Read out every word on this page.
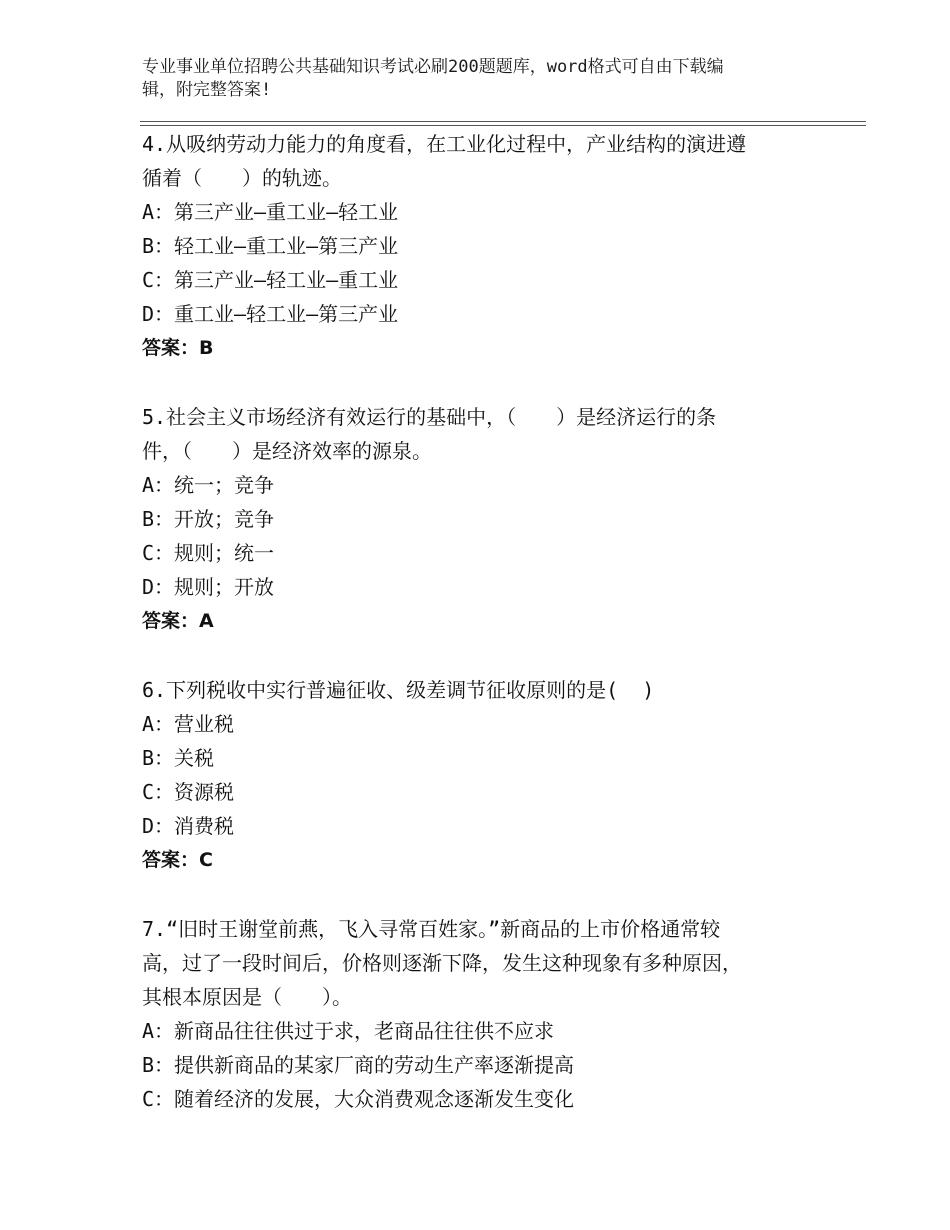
专业事业单位招聘公共基础知识考试必刷200题题库，word格式可自由下载编
辑，附完整答案!
4.从吸纳劳动力能力的角度看，在工业化过程中，产业结构的演进遵
循着（　　）的轨迹。
A：第三产业—重工业—轻工业
B：轻工业—重工业—第三产业
C：第三产业—轻工业—重工业
D：重工业—轻工业—第三产业
答案：B
5.社会主义市场经济有效运行的基础中，（　　）是经济运行的条
件，（　　）是经济效率的源泉。
A：统一；竞争
B：开放；竞争
C：规则；统一
D：规则；开放
答案：A
6.下列税收中实行普遍征收、级差调节征收原则的是(  )
A：营业税
B：关税
C：资源税
D：消费税
答案：C
7.“旧时王谢堂前燕，飞入寻常百姓家。”新商品的上市价格通常较
高，过了一段时间后，价格则逐渐下降，发生这种现象有多种原因，
其根本原因是（　　）。
A：新商品往往供过于求，老商品往往供不应求
B：提供新商品的某家厂商的劳动生产率逐渐提高
C：随着经济的发展，大众消费观念逐渐发生变化
